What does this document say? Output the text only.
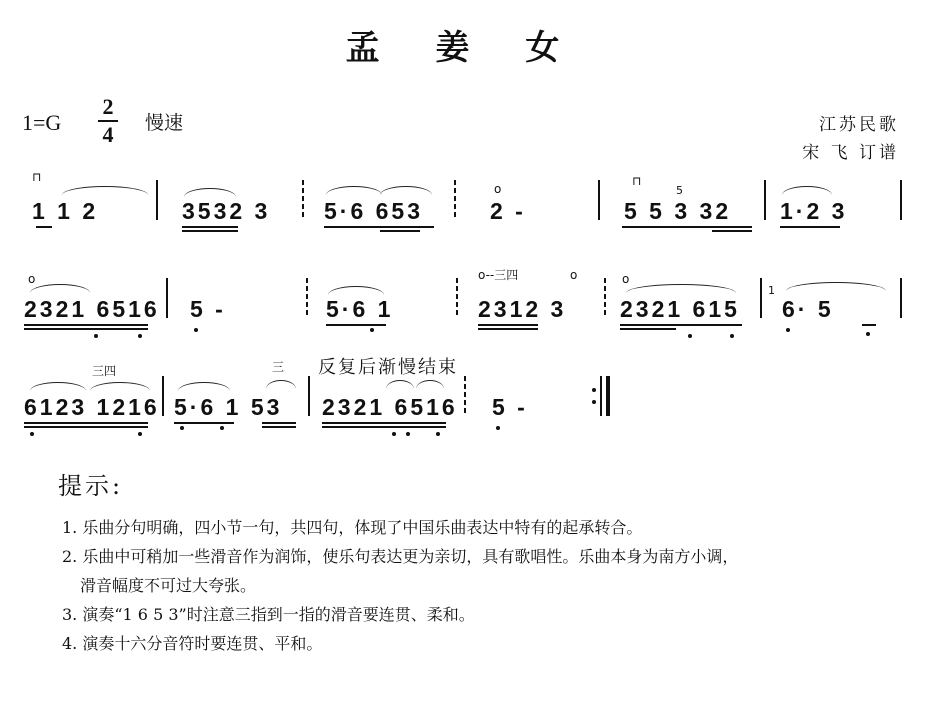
孟 姜 女
1=G
2
4 慢速	江苏民歌
宋 飞 订谱
⊓
1 1 2	3532 3 5·6 653
o
2 -
⊓
5
5 5 3 32 1·2 3
o
2321 6516 5 -	5·6 1
o--三四	o
2312 3
o
2321 615
1
6· 5
反复后渐慢结束
三四
6123 1216
三
5·6 1 53 2321 6516 5 -
提示:
1. 乐曲分句明确，四小节一句，共四句，体现了中国乐曲表达中特有的起承转合。
2. 乐曲中可稍加一些滑音作为润饰，使乐句表达更为亲切，具有歌唱性。乐曲本身为南方小调，
滑音幅度不可过大夸张。
3. 演奏“1 6 5 3”时注意三指到一指的滑音要连贯、柔和。
4. 演奏十六分音符时要连贯、平和。
